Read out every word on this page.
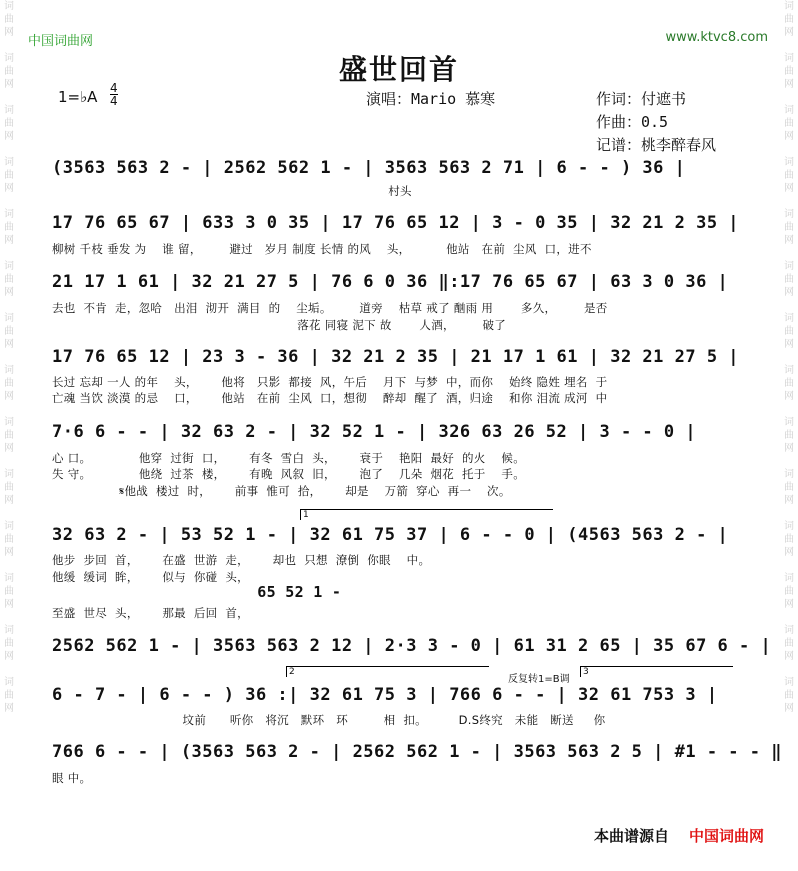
词曲网

词曲网

词曲网

词曲网

词曲网

词曲网

词曲网

词曲网

词曲网

词曲网

词曲网

词曲网

词曲网

词曲网
词曲网

词曲网

词曲网

词曲网

词曲网

词曲网

词曲网

词曲网

词曲网

词曲网

词曲网

词曲网

词曲网

词曲网
中国词曲网	www.ktvc8.com
盛世回首
1=♭A $\frac{4}{4}$	演唱：Mario 慕寒	作词：付遮书
作曲：0.5
记谱：桃李醉春风
(3563 563 2 - | 2562 562 1 - | 3563 563 2 71 | 6 - - ) 36 |
村头
17 76 65 67 | 633 3 0 35 | 17 76 65 12 | 3 - 0 35 | 32 21 2 35 |
柳树 千枝 垂发 为    谁 留，       避过   岁月 制度 长情 的风    头，         他站   在前  尘风  口，进不
21 17 1 61 | 32 21 27 5 | 76 6 0 36 ‖:17 76 65 67 | 63 3 0 36 |
去也  不肯  走，忽哈   出泪  沏开  满目  的    尘垢。       道旁    枯草 戒了 酗雨 用       多久，       是否
落花 同寝 泥下 故       人酒，       破了
17 76 65 12 | 23 3 - 36 | 32 21 2 35 | 21 17 1 61 | 32 21 27 5 |
长过 忘却 一人 的年    头，      他将   只影  都接  风，午后    月下  与梦  中，而你    始终 隐姓 埋名  于
亡魂 当饮 淡漠 的忌    口，      他站   在前  尘风  口，想彻    醉却  醒了  酒，归途    和你 泪流 成河  中
7·6 6 - - | 32 63 2 - | 32 52 1 - | 326 63 26 52 | 3 - - 0 |
心 口。            他穿  过街  口，      有冬  雪白  头，      衰于    艳阳  最好  的火    候。
失 守。            他绕  过茶  楼，      有晚  风叙  旧，      泡了    几朵  烟花  托于    手。
𝄋他战  楼过  时，      前事  惟可  拾，      却是    万箭  穿心  再一    次。
1
32 63 2 - | 53 52 1 - | 32 61 75 37 | 6 - - 0 | (4563 563 2 - |
他步  步回  首，      在盛  世游  走，      却也  只想  潦倒  你眼    中。
他缓  缓词  眸，      似与  你碰  头，
65 52 1 -
至盛  世尽  头，      那最  后回  首，
2562 562 1 - | 3563 563 2 12 | 2·3 3 - 0 | 61 31 2 65 | 35 67 6 - |
2	3
反复转1=B调
6 - 7 - | 6 - - ) 36 :| 32 61 75 3 | 766 6 - - | 32 61 753 3 |
坟前      听你   将沉   默环   环         相  扣。        D.S终究   未能   断送     你
766 6 - - | (3563 563 2 - | 2562 562 1 - | 3563 563 2 5 | #1 - - - ‖
眼 中。
本曲谱源自 中国词曲网
